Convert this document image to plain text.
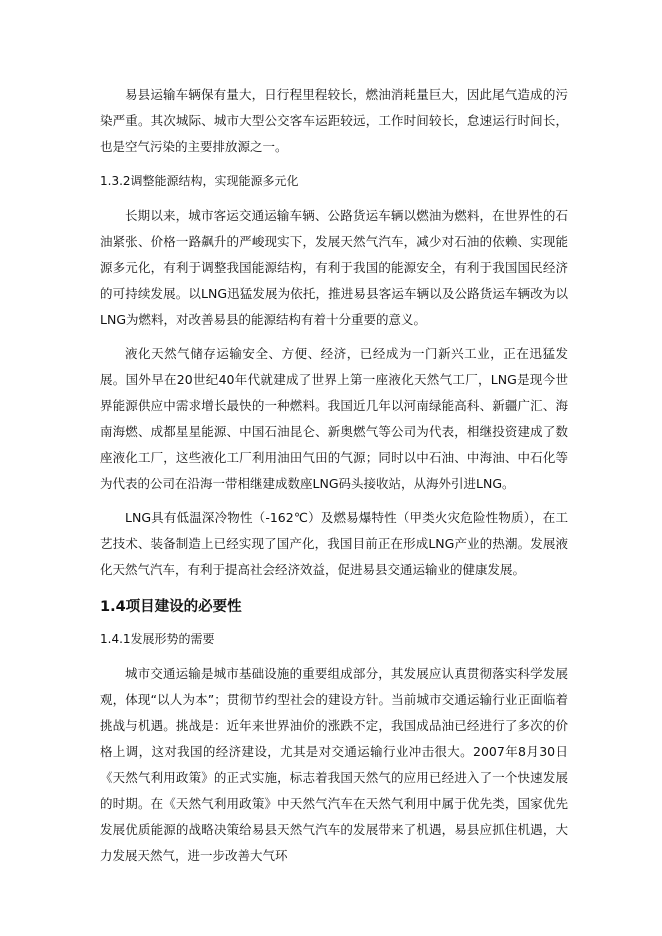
易县运输车辆保有量大，日行程里程较长，燃油消耗量巨大，因此尾气造成的污染严重。其次城际、城市大型公交客车运距较远，工作时间较长，怠速运行时间长，也是空气污染的主要排放源之一。

1.3.2调整能源结构，实现能源多元化

长期以来，城市客运交通运输车辆、公路货运车辆以燃油为燃料，在世界性的石油紧张、价格一路飙升的严峻现实下，发展天然气汽车，减少对石油的依赖、实现能源多元化，有利于调整我国能源结构，有利于我国的能源安全，有利于我国国民经济的可持续发展。以LNG迅猛发展为依托，推进易县客运车辆以及公路货运车辆改为以LNG为燃料，对改善易县的能源结构有着十分重要的意义。

液化天然气储存运输安全、方便、经济，已经成为一门新兴工业，正在迅猛发展。国外早在20世纪40年代就建成了世界上第一座液化天然气工厂，LNG是现今世界能源供应中需求增长最快的一种燃料。我国近几年以河南绿能高科、新疆广汇、海南海燃、成都星星能源、中国石油昆仑、新奥燃气等公司为代表，相继投资建成了数座液化工厂，这些液化工厂利用油田气田的气源；同时以中石油、中海油、中石化等为代表的公司在沿海一带相继建成数座LNG码头接收站，从海外引进LNG。

LNG具有低温深冷物性（-162℃）及燃易爆特性（甲类火灾危险性物质），在工艺技术、装备制造上已经实现了国产化，我国目前正在形成LNG产业的热潮。发展液化天然气汽车，有利于提高社会经济效益，促进易县交通运输业的健康发展。

1.4项目建设的必要性
1.4.1发展形势的需要

城市交通运输是城市基础设施的重要组成部分，其发展应认真贯彻落实科学发展观，体现“以人为本”；贯彻节约型社会的建设方针。当前城市交通运输行业正面临着挑战与机遇。挑战是：近年来世界油价的涨跌不定，我国成品油已经进行了多次的价格上调，这对我国的经济建设，尤其是对交通运输行业冲击很大。2007年8月30日《天然气利用政策》的正式实施，标志着我国天然气的应用已经进入了一个快速发展的时期。在《天然气利用政策》中天然气汽车在天然气利用中属于优先类，国家优先发展优质能源的战略决策给易县天然气汽车的发展带来了机遇，易县应抓住机遇，大力发展天然气，进一步改善大气环
